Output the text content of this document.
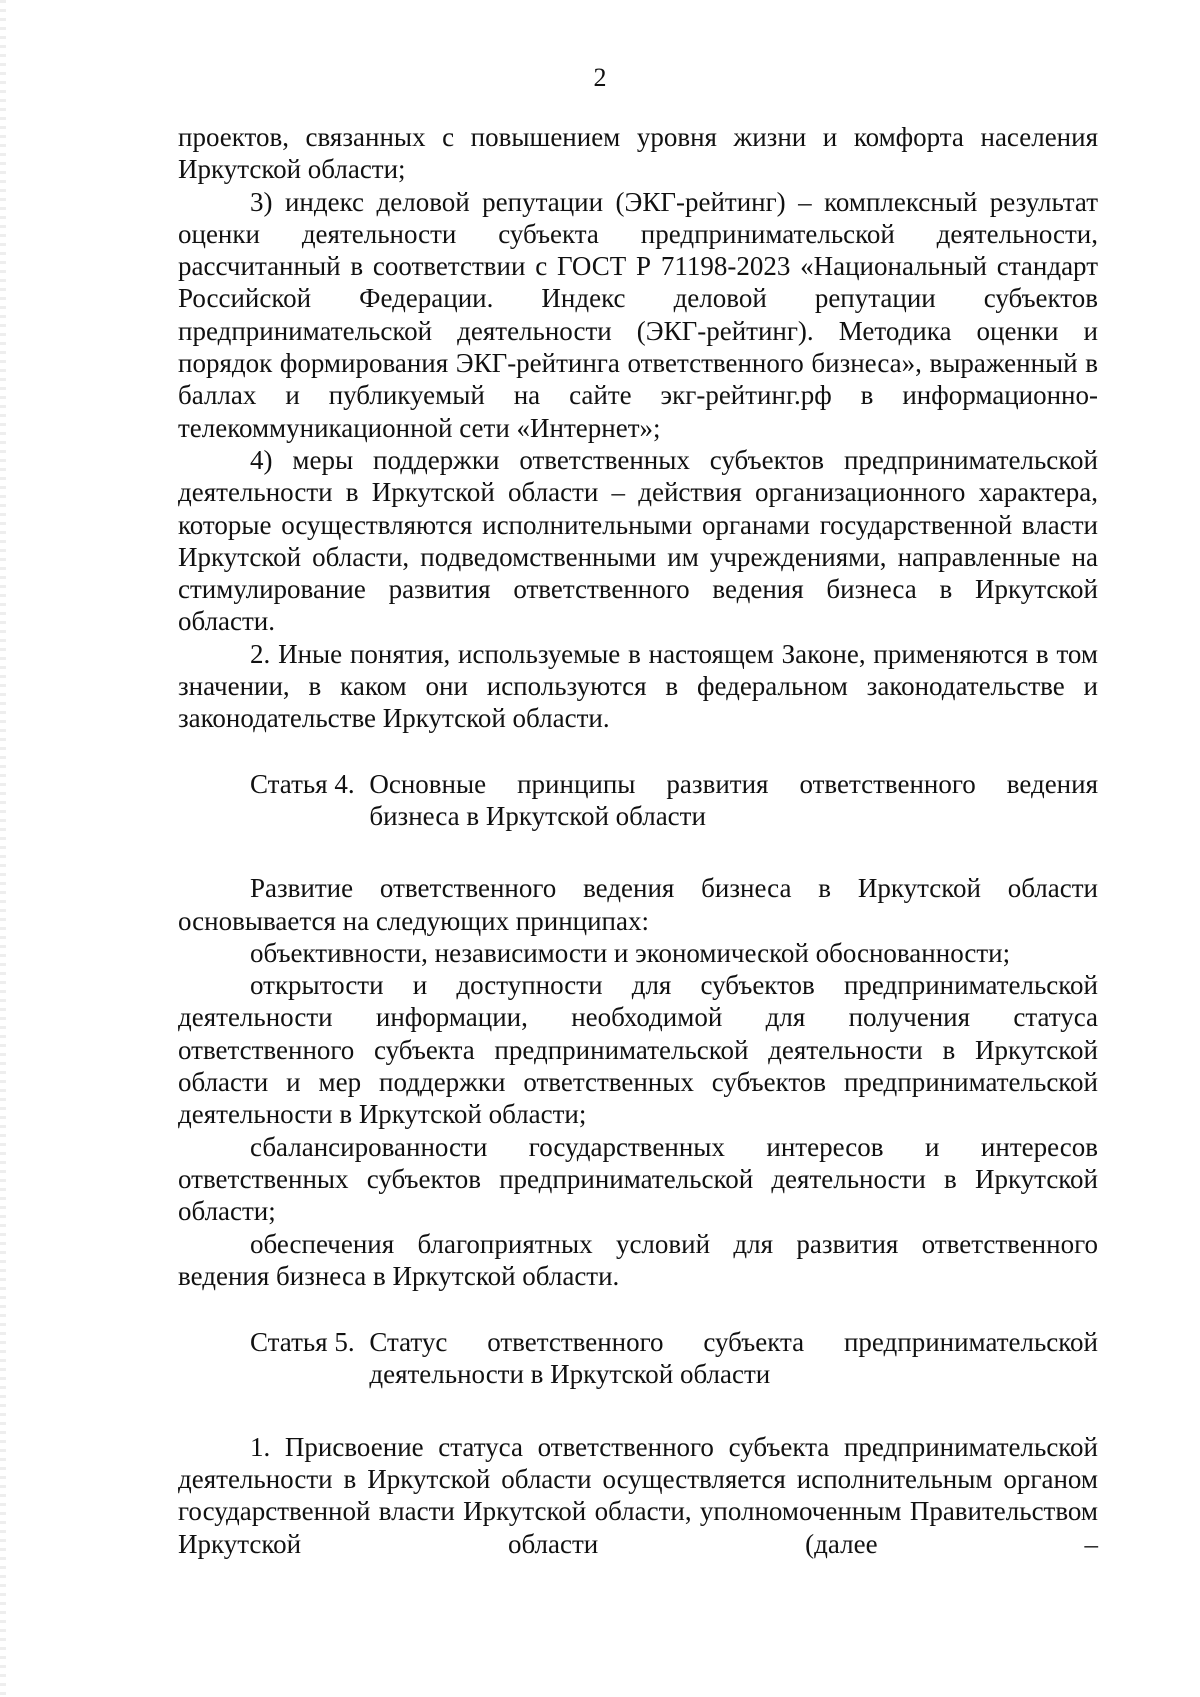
2

проектов, связанных с повышением уровня жизни и комфорта населения Иркутской области;

3) индекс деловой репутации (ЭКГ-рейтинг) – комплексный результат оценки деятельности субъекта предпринимательской деятельности, рассчитанный в соответствии с ГОСТ Р 71198-2023 «Национальный стандарт Российской Федерации. Индекс деловой репутации субъектов предпринимательской деятельности (ЭКГ-рейтинг). Методика оценки и порядок формирования ЭКГ-рейтинга ответственного бизнеса», выраженный в баллах и публикуемый на сайте экг-рейтинг.рф в информационно-телекоммуникационной сети «Интернет»;

4) меры поддержки ответственных субъектов предпринимательской деятельности в Иркутской области – действия организационного характера, которые осуществляются исполнительными органами государственной власти Иркутской области, подведомственными им учреждениями, направленные на стимулирование развития ответственного ведения бизнеса в Иркутской области.

2. Иные понятия, используемые в настоящем Законе, применяются в том значении, в каком они используются в федеральном законодательстве и законодательстве Иркутской области.

Статья 4. Основные принципы развития ответственного ведения бизнеса в Иркутской области

Развитие ответственного ведения бизнеса в Иркутской области основывается на следующих принципах:

объективности, независимости и экономической обоснованности;

открытости и доступности для субъектов предпринимательской деятельности информации, необходимой для получения статуса ответственного субъекта предпринимательской деятельности в Иркутской области и мер поддержки ответственных субъектов предпринимательской деятельности в Иркутской области;

сбалансированности государственных интересов и интересов ответственных субъектов предпринимательской деятельности в Иркутской области;

обеспечения благоприятных условий для развития ответственного ведения бизнеса в Иркутской области.

Статья 5. Статус ответственного субъекта предпринимательской деятельности в Иркутской области

1. Присвоение статуса ответственного субъекта предпринимательской деятельности в Иркутской области осуществляется исполнительным органом государственной власти Иркутской области, уполномоченным Правительством Иркутской области (далее –
